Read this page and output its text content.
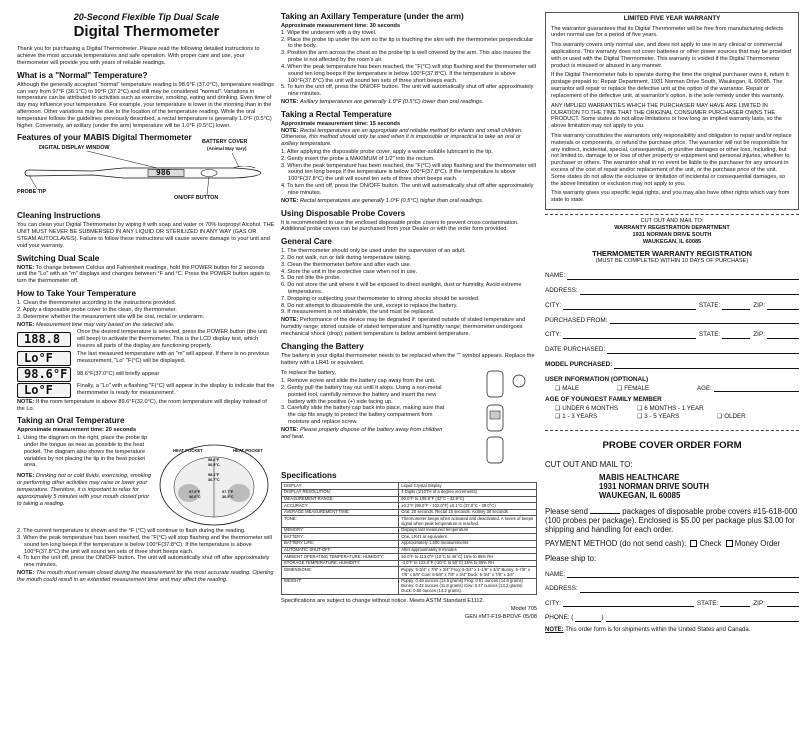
20-Second Flexible Tip Dual Scale
Digital Thermometer

Thank you for purchasing a Digital Thermometer. Please read the following detailed instructions to achieve the most accurate temperatures and safe operation. With proper care and use, your thermometer will provide you with years of reliable readings.

What is a "Normal" Temperature?

Although the generally accepted "normal" temperature reading is 98.6°F (37.0°C), temperature readings can vary from 97°F (36.1°C) to 99°F (37.2°C) and still may be considered "normal". Variations in temperature can be attributed to activities such as exercise, smoking, eating and drinking. Even time of day may influence your temperature. For example, your temperature is lower in the morning than in the afternoon. Other variations may be due to the location of the temperature reading. While the oral temperature follows the guidelines previously described, a rectal temperature is generally 1.0°F (0.5°C) higher. Conversely, an axillary (under the arm) temperature will be 1.0°F (0.5°C) lower.

Features of your MABIS Digital Thermometer
DIGITAL DISPLAY WINDOW
BATTERY COVER
(Animal May Vary)
986
PROBE TIP
ON/OFF BUTTON
Cleaning Instructions

You can clean your Digital Thermometer by wiping it with soap and water or 70% Isopropyl Alcohol. THE UNIT MUST NEVER BE SUBMERSED IN ANY LIQUID OR STERILIZED IN ANY WAY (GAS OR STEAM AUTOCLAVES). Failure to follow these instructions will cause severe damage to your unit and void your warranty.

Switching Dual Scale

NOTE: To change between Celcius and Fahrenheit readings, hold the POWER button for 2 seconds until the "Lo" with an "m" displays and changes between °F and °C. Press the POWER button again to turn the thermometer off.

How to Take Your Temperature
1. Clean the thermometer according to the instructions provided.
2. Apply a disposable probe cover to the clean, dry thermometer.
3. Determine whether the measurement site will be oral, rectal or underarm.

NOTE: Measurement time may vary based on the selected site.

188.8	Once the desired temperature is selected, press the POWER button (the unit will beep) to activate the thermometer. This is the LCD display test, which insures all parts of the display are functioning properly.
Lo°F	The last measured temperature with an "m" will appear. If there is no previous measurement, "Lo" "F(°C) will be displayed.
98.6°F	98.6°F(37.0°C) will briefly appear
Lo°F	Finally, a "Lo" with a flashing "F(°C) will appear in the display to indicate that the thermometer is ready for measurement.

NOTE: If the room temperature is above 89.6°F(32.0°C), the room temperature will display instead of the Lo.

Taking an Oral Temperature
Approximate measurement time: 20 seconds
1. Using the diagram on the right, place the probe tip under the tongue as near as possible to the heat pocket. The diagram also shows the temperature variables by not placing the tip in the heat pocket area.

NOTE: Drinking hot or cold fluids, exercising, smoking or performing other activities may raise or lower your temperature. Therefore, it is important to relax for approximately 5 minutes with your mouth closed prior to taking a reading.

HEAT POCKET	HEAT POCKET
98.6°F
36.9°C
98.1°F
36.7°C
97.9°F
36.6°C
97.7°F
36.5°C
2. The current temperature is shown and the °F (°C) will continue to flash during the reading.
3. When the peak temperature has been reached, the "F(°C) will stop flashing and the thermometer will sound ten long beeps if the temperature is below 100°F(37.8°C). If the temperature is above 100°F(37.8°C) the unit will sound ten sets of three short beeps each.
4. To turn the unit off, press the ON/OFF button. The unit will automatically shut off after approximately nine minutes.

NOTE: The mouth must remain closed during the measurement for the most accurate reading. Opening the mouth could result in an extended measurement time and may affect the reading.

Taking an Axillary Temperature (under the arm)
Approximate measurement time: 30 seconds
1. Wipe the underarm with a dry towel.
2. Place the probe tip under the arm so the tip is touching the skin with the thermometer perpendicular to the body.
3. Position the arm across the chest so the probe tip is well covered by the arm. This also insures the probe is not affected by the room's air.
4. When the peak temperature has been reached, the "F(°C) will stop flashing and the thermometer will sound ten long beeps if the temperature is below 100°F(37.8°C). If the temperature is above 100°F(37.8°C) the unit will sound ten sets of three short beeps each.
5. To turn the unit off, press the ON/OFF button. The unit will automatically shut off after approximately nine minutes.

NOTE: Axillary temperatures are generally 1.0°F (0.5°C) lower than oral readings.

Taking a Rectal Temperature
Approximate measurement time: 15 seconds

NOTE: Rectal temperatures are an appropriate and reliable method for infants and small children. Otherwise, this method should only be used when it is impossible or impractical to take an oral or axillary temperature.

1. After applying the disposable probe cover, apply a water-soluble lubricant to the tip.
2. Gently insert the probe a MAXIMUM of 1/2" into the rectum.
3. When the peak temperature has been reached, the "F(°C) will stop flashing and the thermometer will sound ten long beeps if the temperature is below 100°F(37.8°C). If the temperature is above 100°F(37.8°C) the unit will sound ten sets of three short beeps each.
4. To turn the unit off, press the ON/OFF button. The unit will automatically shut off after approximately nine minutes.

NOTE: Rectal temperatures are generally 1.0°F (0.5°C) higher than oral readings.

Using Disposable Probe Covers

It is recommended to use the enclosed disposable probe covers to prevent cross contamination. Additional probe covers can be purchased from your Dealer or with the order form provided.

General Care
1. The thermometer should only be used under the supervision of an adult.
2. Do not walk, run or talk during temperature taking.
3. Clean the thermometer before and after each use.
4. Store the unit in the protective case when not in use.
5. Do not bite the probe.
6. Do not store the unit where it will be exposed to direct sunlight, dust or humidity. Avoid extreme temperatures.
7. Dropping or subjecting your thermometer to strong shocks should be avoided.
8. Do not attempt to disassemble the unit, except to replace the battery.
9. If measurement is not attainable, the unit must be replaced.

NOTE: Performance of the device may be degraded if: operated outside of stated temperature and humidity range; stored outside of stated temperature and humidity range; thermometer undergoes mechanical shock (drop); patient temperature is below ambient temperature.

Changing the Battery

The battery in your digital thermometer needs to be replaced when the "" symbol appears. Replace the battery with a LR41 or equivalent.

To replace the battery,

1. Remove screw and slide the battery cap away from the unit.
2. Gently pull the battery tray out until it stops. Using a non-metal pointed tool, carefully remove the battery and insert the new battery with the positive (+) side facing up.
3. Carefully slide the battery cap back into place, making sure that the cap fits snugly to protect the battery compartment from moisture and replace screw.

NOTE: Please properly dispose of the battery away from children and heat.

Specifications
DISPLAY:	Liquid Crystal Display
DISPLAY RESOLUTION:	4 Digits (1/10TH of a degree increments)
MEASUREMENT RANGE:	90.0°F to 109.9°F (32°C - 42.9°C)
ACCURACY:	±0.2°F (98.0°F - 102.0°F) ±0.1°C (37.0°C - 39.0°C)
AVERAGE MEASUREMENT TIME:	Oral: 20 seconds. Rectal 15 seconds. Axillary 30 seconds
TONE:	Thermometer beeps when activated and deactivated. A series of beeps signal when peak temperature is reached.
MEMORY:	Displays last measured temperature
BATTERY:	One, LR41 or equivalent
BATTERY LIFE:	Approximately 1,500 measurements
AUTOMATIC SHUT-OFF:	After approximately 9 minutes
AMBIENT OPERATING TEMPERATURE: HUMIDITY:	50.0°F to 113.0°F (10°C to 45°C) 15% to 95% RH
STORAGE TEMPERATURE: HUMIDITY:	-4.0°F to 122.0°F (-20°C to 50°C) 15% to 95% RH
DIMENSIONS:	Puppy: 5-3/4" x 7/8" x 3/4" Frog: 5-3/4" x 1-1/8" x 3/4" Bunny: 5-7/8" x 7/8" x 5/8" Cow: 5-5/8" x 7/8" x 3/4" Duck: 5-3/4" x 7/8" x 3/4"
WEIGHT:	Puppy: 0.48 ounces (13.5 grams) Frog: 0.51 ounces (14.6 grams) Bunny: 0.42 ounces (11.8 grams) Cow: 0.47 ounces (13.2 grams) Duck: 0.50 ounces (14.2 grams)
Specifications are subject to change without notice. Meets ASTM Standard E1112.
Model 705
GEN #MT-F19-BPDVF 05/08
LIMITED FIVE YEAR WARRANTY

The warrantor guarantees that its Digital Thermometer will be free from manufacturing defects under normal use for a period of five years.

This warranty covers only normal use, and does not apply to use in any clinical or commercial applications. This warranty does not cover batteries or other power sources that may be provided with or used with the Digital Thermometer. This warranty is voided if the Digital Thermometer product is misused or abused in any manner.

If the Digital Thermometer fails to operate during the time the original purchaser owns it, return it postage prepaid to: Repair Department, 1931 Norman Drive South, Waukegan, IL 60085. The warrantor will repair or replace the defective unit at the option of the warrantor. Repair or replacement of the defective unit, at warrantor's option, is the sole remedy under this warranty.

ANY IMPLIED WARRANTIES WHICH THE PURCHASER MAY HAVE ARE LIMITED IN DURATION TO THE TIME THAT THE ORIGINAL CONSUMER PURCHASER OWNS THE PRODUCT. Some states do not allow limitations or how long an implied warranty lasts, so the above limitation may not apply to you.

This warranty constitutes the warrantors only responsibility and obligation to repair and/or replace materials or components, or refund the purchase price. The warrantor will not be responsible for any indirect, incidental, special, consequential, or punitive damages or other loss, including, but not limited to, damage to or loss of other property or equipment and personal injuries, whether to purchaser or others. The warrantor shall in no event be liable to the purchaser for any amount in excess of the cost of repair and/or replacement of the unit, or the purchase price of the unit. Some states do not allow the exclusive or limitation of incidental or consequential damages, so the above limitation or exclusion may not apply to you.

This warranty gives you specific legal rights, and you may also have other rights which vary from state to state.

CUT OUT AND MAIL TO:
WARRANTY REGISTRATION DEPARTMENT
1931 NORMAN DRIVE SOUTH
WAUKEGAN, IL 60085
THERMOMETER WARRANTY REGISTRATION
(MUST BE COMPLETED WITHIN 10 DAYS OF PURCHASE)
NAME:
ADDRESS:
CITY:	STATE:	ZIP:
PURCHASED FROM:
CITY:	STATE:	ZIP:
DATE PURCHASED:
MODEL PURCHASED:
USER INFORMATION (OPTIONAL)
❑ MALE	❑ FEMALE	AGE:
AGE OF YOUNGEST FAMILY MEMBER
❑ UNDER 6 MONTHS	❑ 6 MONTHS - 1 YEAR
❑ 1 - 3 YEARS	❑ 3 - 5 YEARS	❑ OLDER
PROBE COVER ORDER FORM
CUT OUT AND MAIL TO:
MABIS HEALTHCARE
1931 NORMAN DRIVE SOUTH
WAUKEGAN, IL 60085
Please send	packages of disposable probe covers #15-618-000 (100 probes per package). Enclosed is $5.00 per package plus $3.00 for shipping and handling for each order.
PAYMENT METHOD (do not send cash): Check Money Order
Please ship to:
NAME:
ADDRESS:
CITY:	STATE:	ZIP:
PHONE: (	)
NOTE: This order form is for shipments within the United States and Canada.
